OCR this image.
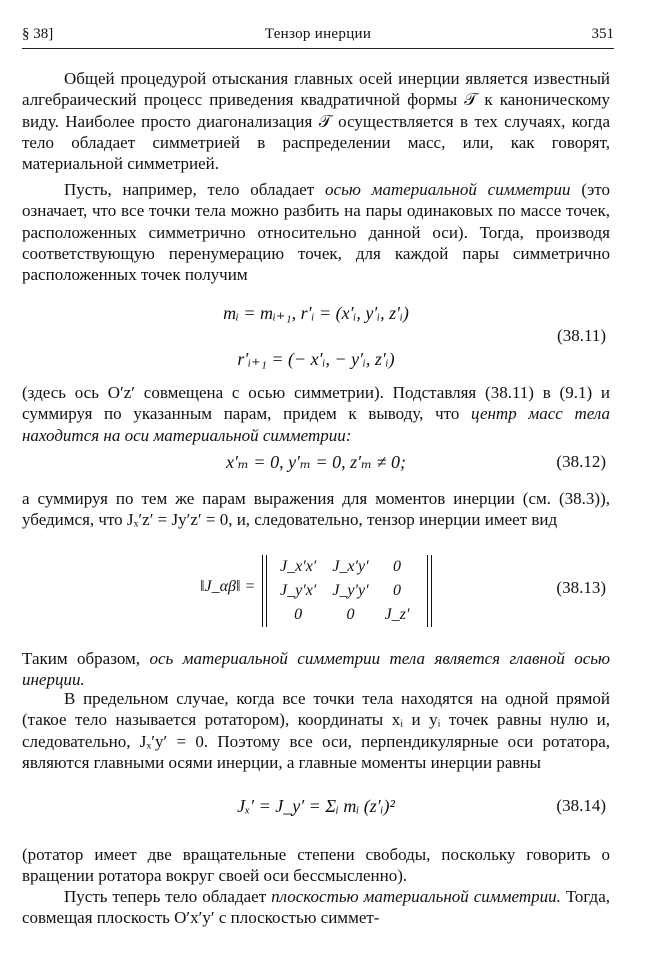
§ 38]	Тензор инерции	351

Общей процедурой отыскания главных осей инерции является известный алгебраический процесс приведения квадратичной формы 𝒯 к каноническому виду. Наиболее просто диагонализация 𝒯 осуществляется в тех случаях, когда тело обладает симметрией в распределении масс, или, как говорят, материальной симметрией.

Пусть, например, тело обладает осью материальной симметрии (это означает, что все точки тела можно разбить на пары одинаковых по массе точек, расположенных симметрично относительно данной оси). Тогда, производя соответствующую перенумерацию точек, для каждой пары симметрично расположенных точек получим

mᵢ = mᵢ₊₁, r′ᵢ = (x′ᵢ, y′ᵢ, z′ᵢ)
r′ᵢ₊₁ = (− x′ᵢ, − y′ᵢ, z′ᵢ)
(38.11)

(здесь ось O′z′ совмещена с осью симметрии). Подставляя (38.11) в (9.1) и суммируя по указанным парам, придем к выводу, что центр масс тела находится на оси материальной симметрии:

x′ₘ = 0, y′ₘ = 0, z′ₘ ≠ 0;	(38.12)

а суммируя по тем же парам выражения для моментов инерции (см. (38.3)), убедимся, что Jₓ′z′ = Jy′z′ = 0, и, следовательно, тензор инерции имеет вид

‖J_αβ‖ =	(38.13)
J_x′x′	J_x′y′	0
J_y′x′	J_y′y′	0
0	0	J_z′

Таким образом, ось материальной симметрии тела является главной осью инерции.

В предельном случае, когда все точки тела находятся на одной прямой (такое тело называется ротатором), координаты xᵢ и yᵢ точек равны нулю и, следовательно, Jₓ′y′ = 0. Поэтому все оси, перпендикулярные оси ротатора, являются главными осями инерции, а главные моменты инерции равны

Jₓ′ = J_y′ = Σᵢ mᵢ (z′ᵢ)²	(38.14)

(ротатор имеет две вращательные степени свободы, поскольку говорить о вращении ротатора вокруг своей оси бессмысленно).

Пусть теперь тело обладает плоскостью материальной симметрии. Тогда, совмещая плоскость O′x′y′ с плоскостью симмет-
